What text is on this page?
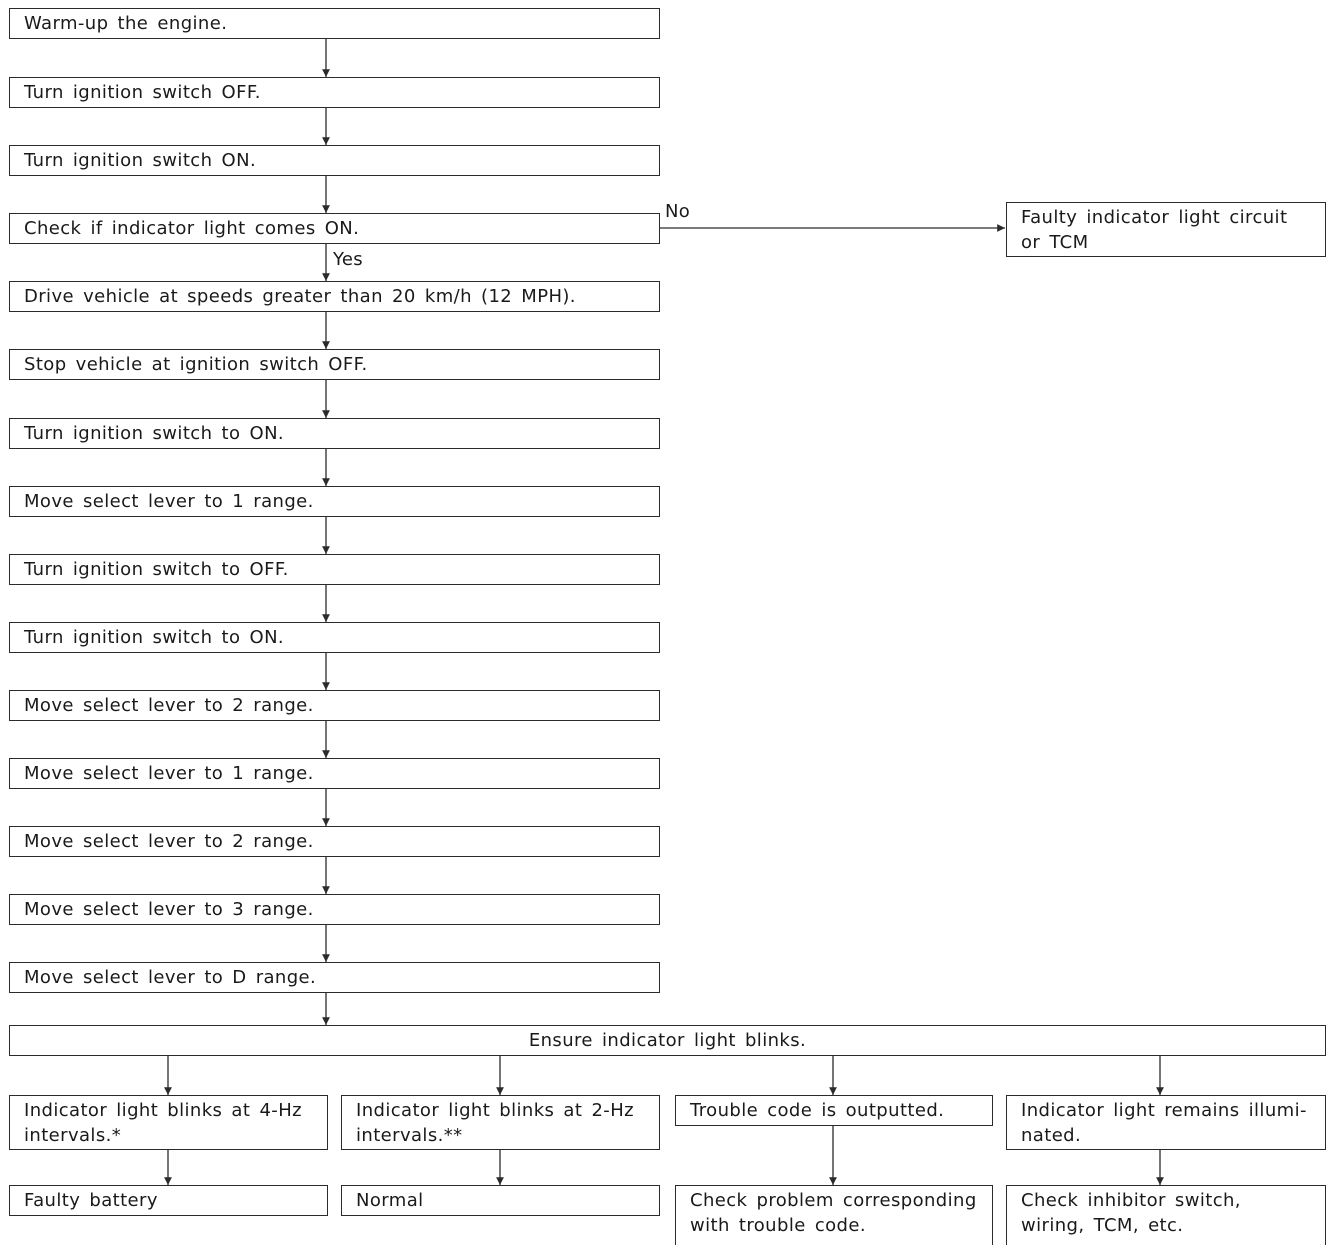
Warm-up the engine.
Turn ignition switch OFF.
Turn ignition switch ON.
Check if indicator light comes ON.
Drive vehicle at speeds greater than 20 km/h (12 MPH).
Stop vehicle at ignition switch OFF.
Turn ignition switch to ON.
Move select lever to 1 range.
Turn ignition switch to OFF.
Turn ignition switch to ON.
Move select lever to 2 range.
Move select lever to 1 range.
Move select lever to 2 range.
Move select lever to 3 range.
Move select lever to D range.
No
Yes
Faulty indicator light circuit or TCM
Ensure indicator light blinks.
Indicator light blinks at 4-Hz intervals.*
Indicator light blinks at 2-Hz intervals.**
Trouble code is outputted.	Indicator light remains illumi-nated.
Faulty battery	Normal	Check problem corresponding with trouble code.
Check inhibitor switch, wiring, TCM, etc.
